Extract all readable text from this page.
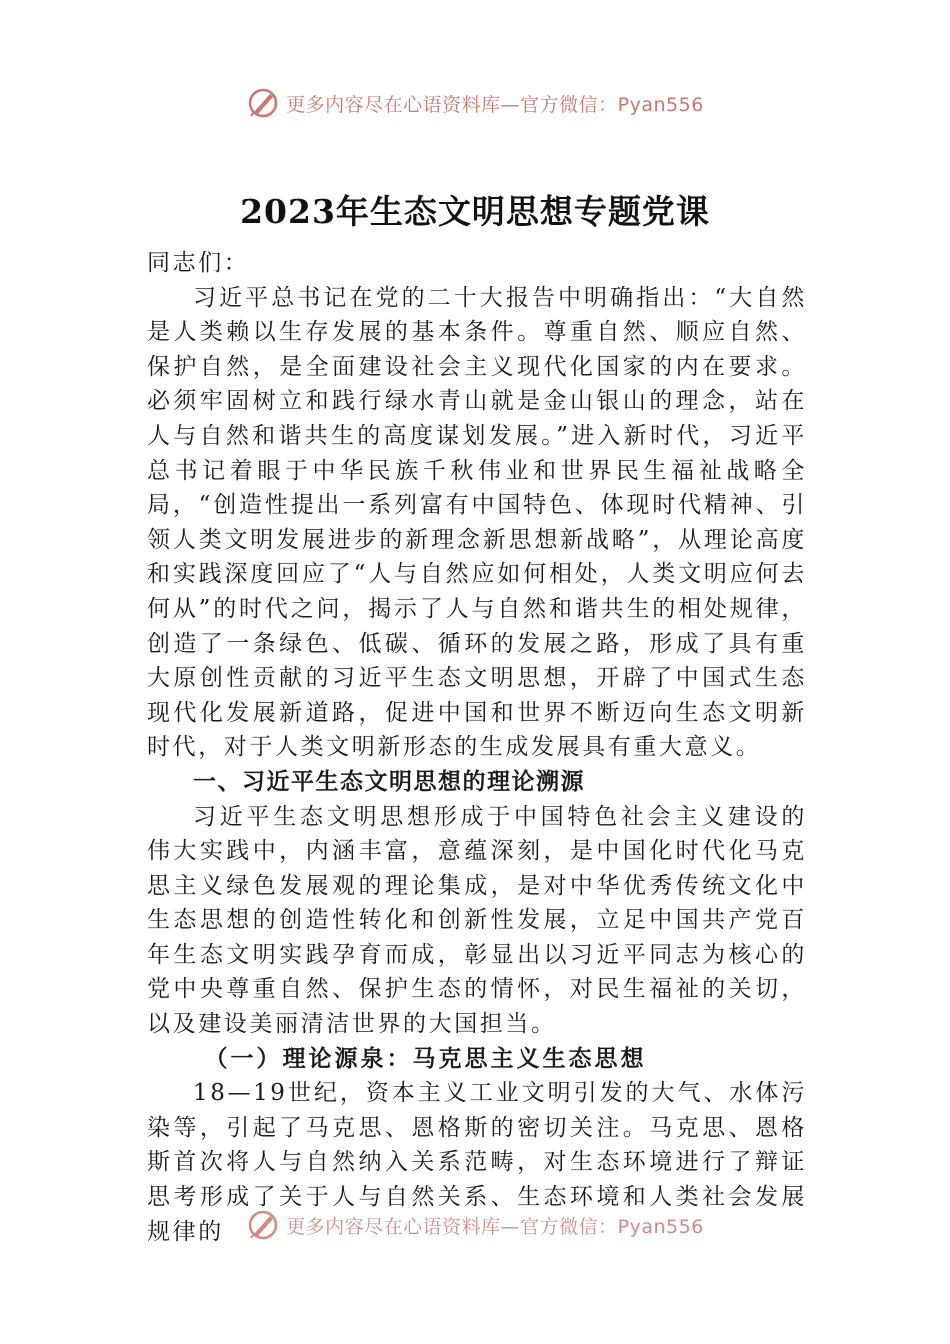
更多内容尽在心语资料库—官方微信：Pyan556
2023年生态文明思想专题党课

同志们：

习近平总书记在党的二十大报告中明确指出：“大自然是人类赖以生存发展的基本条件。尊重自然、顺应自然、保护自然，是全面建设社会主义现代化国家的内在要求。必须牢固树立和践行绿水青山就是金山银山的理念，站在人与自然和谐共生的高度谋划发展。”进入新时代，习近平总书记着眼于中华民族千秋伟业和世界民生福祉战略全局，“创造性提出一系列富有中国特色、体现时代精神、引领人类文明发展进步的新理念新思想新战略”，从理论高度和实践深度回应了“人与自然应如何相处，人类文明应何去何从”的时代之问，揭示了人与自然和谐共生的相处规律，创造了一条绿色、低碳、循环的发展之路，形成了具有重大原创性贡献的习近平生态文明思想，开辟了中国式生态现代化发展新道路，促进中国和世界不断迈向生态文明新时代，对于人类文明新形态的生成发展具有重大意义。

一、习近平生态文明思想的理论溯源

习近平生态文明思想形成于中国特色社会主义建设的伟大实践中，内涵丰富，意蕴深刻，是中国化时代化马克思主义绿色发展观的理论集成，是对中华优秀传统文化中生态思想的创造性转化和创新性发展，立足中国共产党百年生态文明实践孕育而成，彰显出以习近平同志为核心的党中央尊重自然、保护生态的情怀，对民生福祉的关切，以及建设美丽清洁世界的大国担当。

（一）理论源泉：马克思主义生态思想

18—19世纪，资本主义工业文明引发的大气、水体污染等，引起了马克思、恩格斯的密切关注。马克思、恩格斯首次将人与自然纳入关系范畴，对生态环境进行了辩证思考形成了关于人与自然关系、生态环境和人类社会发展规律的	更多内容尽在心语资料库—官方微信：Pyan556
